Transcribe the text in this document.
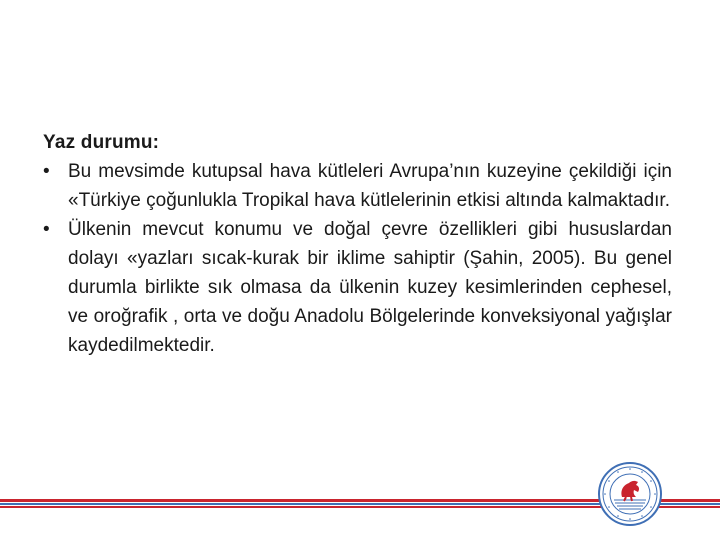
Yaz durumu:

• Bu mevsimde kutupsal hava kütleleri Avrupa’nın kuzeyine çekildiği için «Türkiye çoğunlukla Tropikal hava kütlelerinin etkisi altında kalmaktadır.
• Ülkenin mevcut konumu ve doğal çevre özellikleri gibi hususlardan dolayı «yazları sıcak-kurak bir iklime sahiptir (Şahin, 2005). Bu genel durumla birlikte sık olmasa da ülkenin kuzey kesimlerinden cephesel, ve oroğrafik , orta ve doğu Anadolu Bölgelerinde konveksiyonal yağışlar kaydedilmektedir.
